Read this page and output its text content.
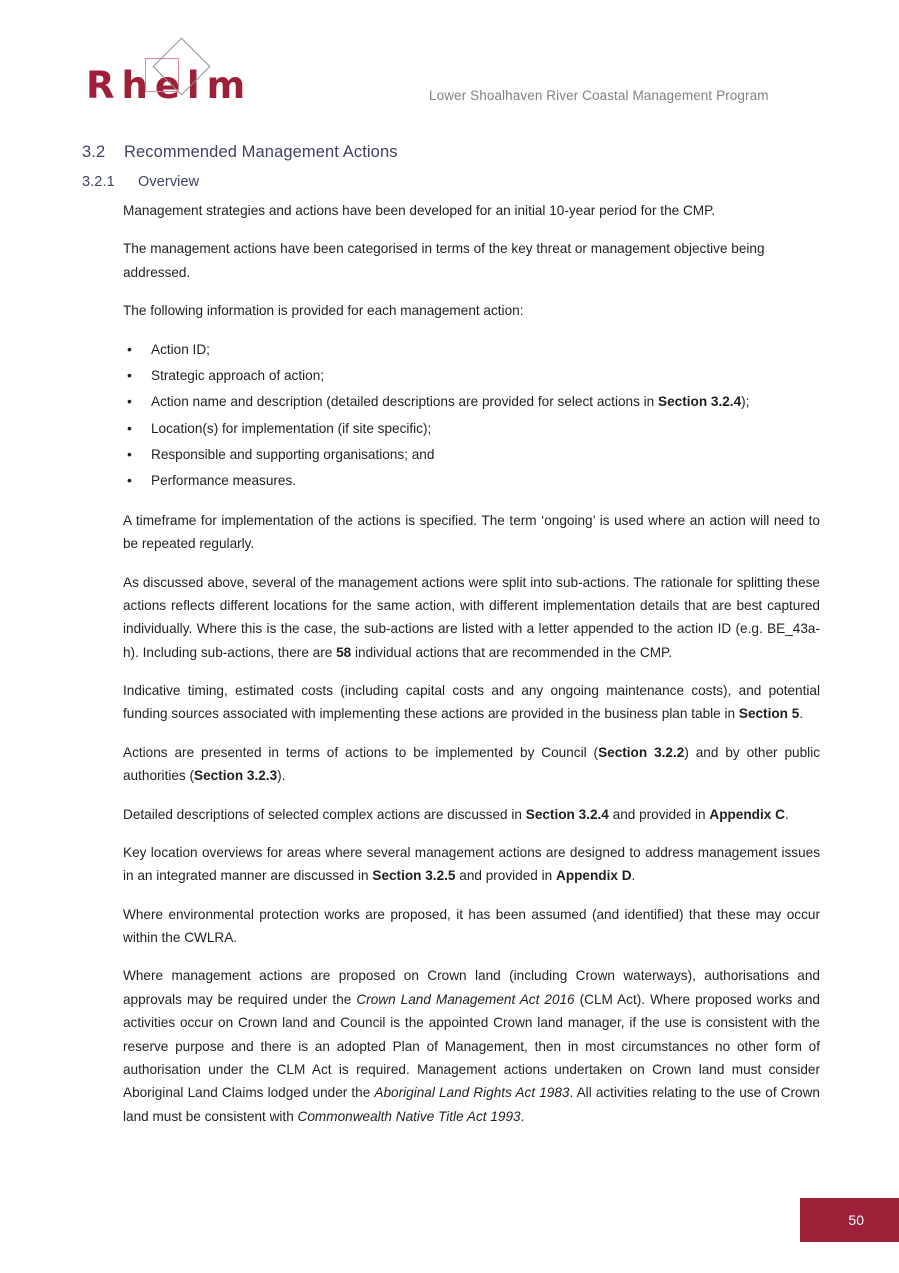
Rhelm	Lower Shoalhaven River Coastal Management Program
3.2 Recommended Management Actions
3.2.1 Overview

Management strategies and actions have been developed for an initial 10-year period for the CMP.

The management actions have been categorised in terms of the key threat or management objective being addressed.

The following information is provided for each management action:

• Action ID;
• Strategic approach of action;
• Action name and description (detailed descriptions are provided for select actions in Section 3.2.4);
• Location(s) for implementation (if site specific);
• Responsible and supporting organisations; and
• Performance measures.

A timeframe for implementation of the actions is specified. The term ‘ongoing’ is used where an action will need to be repeated regularly.

As discussed above, several of the management actions were split into sub-actions. The rationale for splitting these actions reflects different locations for the same action, with different implementation details that are best captured individually. Where this is the case, the sub-actions are listed with a letter appended to the action ID (e.g. BE_43a-h). Including sub-actions, there are 58 individual actions that are recommended in the CMP.

Indicative timing, estimated costs (including capital costs and any ongoing maintenance costs), and potential funding sources associated with implementing these actions are provided in the business plan table in Section 5.

Actions are presented in terms of actions to be implemented by Council (Section 3.2.2) and by other public authorities (Section 3.2.3).

Detailed descriptions of selected complex actions are discussed in Section 3.2.4 and provided in Appendix C.

Key location overviews for areas where several management actions are designed to address management issues in an integrated manner are discussed in Section 3.2.5 and provided in Appendix D.

Where environmental protection works are proposed, it has been assumed (and identified) that these may occur within the CWLRA.

Where management actions are proposed on Crown land (including Crown waterways), authorisations and approvals may be required under the Crown Land Management Act 2016 (CLM Act). Where proposed works and activities occur on Crown land and Council is the appointed Crown land manager, if the use is consistent with the reserve purpose and there is an adopted Plan of Management, then in most circumstances no other form of authorisation under the CLM Act is required. Management actions undertaken on Crown land must consider Aboriginal Land Claims lodged under the Aboriginal Land Rights Act 1983. All activities relating to the use of Crown land must be consistent with Commonwealth Native Title Act 1993.

50
